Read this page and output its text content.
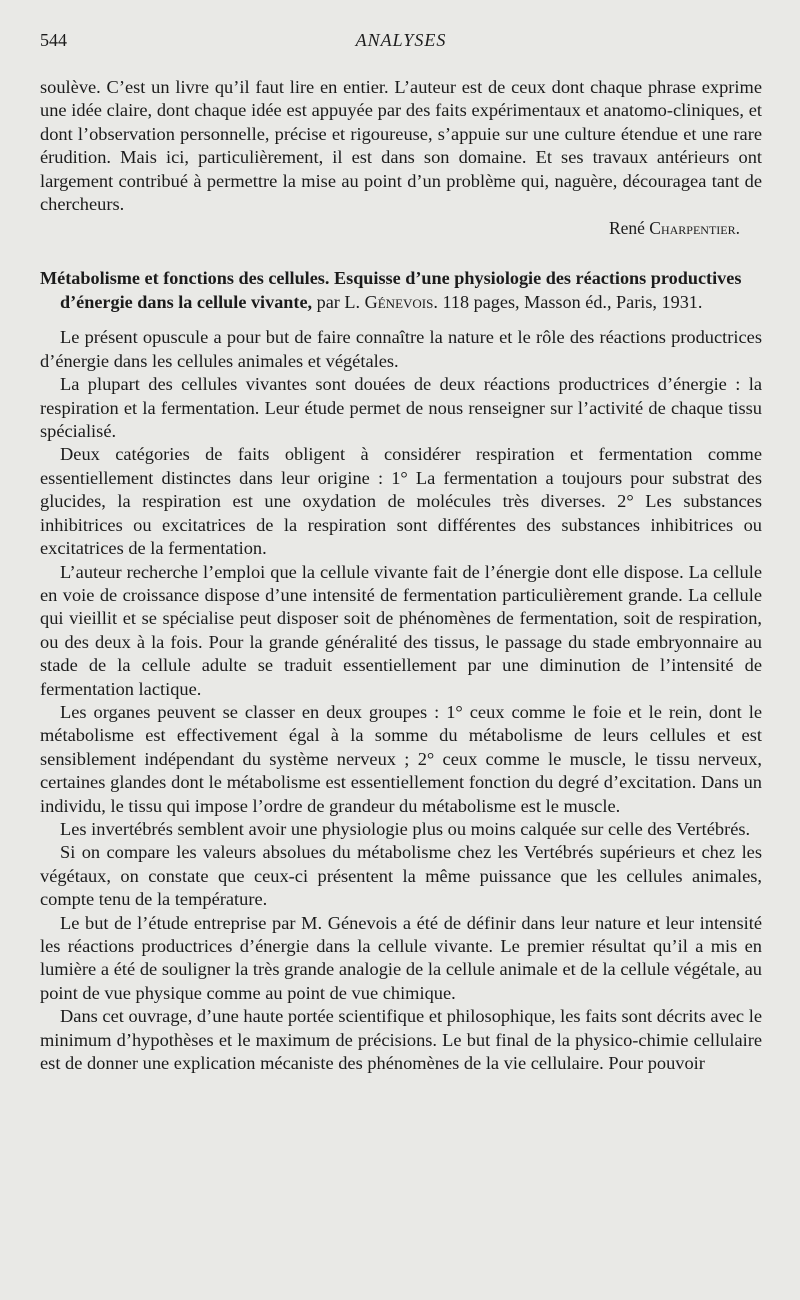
544	ANALYSES

soulève. C’est un livre qu’il faut lire en entier. L’auteur est de ceux dont chaque phrase exprime une idée claire, dont chaque idée est appuyée par des faits expérimentaux et anatomo-cliniques, et dont l’observation personnelle, précise et rigoureuse, s’appuie sur une culture étendue et une rare érudition. Mais ici, particulièrement, il est dans son domaine. Et ses travaux antérieurs ont largement contribué à permettre la mise au point d’un problème qui, naguère, découragea tant de chercheurs.

René Charpentier.

Métabolisme et fonctions des cellules. Esquisse d’une physiologie des réactions productives d’énergie dans la cellule vivante, par L. Génevois. 118 pages, Masson éd., Paris, 1931.

Le présent opuscule a pour but de faire connaître la nature et le rôle des réactions productrices d’énergie dans les cellules animales et végétales.

La plupart des cellules vivantes sont douées de deux réactions productrices d’énergie : la respiration et la fermentation. Leur étude permet de nous renseigner sur l’activité de chaque tissu spécialisé.

Deux catégories de faits obligent à considérer respiration et fermentation comme essentiellement distinctes dans leur origine : 1° La fermentation a toujours pour substrat des glucides, la respiration est une oxydation de molécules très diverses. 2° Les substances inhibitrices ou excitatrices de la respiration sont différentes des substances inhibitrices ou excitatrices de la fermentation.

L’auteur recherche l’emploi que la cellule vivante fait de l’énergie dont elle dispose. La cellule en voie de croissance dispose d’une intensité de fermentation particulièrement grande. La cellule qui vieillit et se spécialise peut disposer soit de phénomènes de fermentation, soit de respiration, ou des deux à la fois. Pour la grande généralité des tissus, le passage du stade embryonnaire au stade de la cellule adulte se traduit essentiellement par une diminution de l’intensité de fermentation lactique.

Les organes peuvent se classer en deux groupes : 1° ceux comme le foie et le rein, dont le métabolisme est effectivement égal à la somme du métabolisme de leurs cellules et est sensiblement indépendant du système nerveux ; 2° ceux comme le muscle, le tissu nerveux, certaines glandes dont le métabolisme est essentiellement fonction du degré d’excitation. Dans un individu, le tissu qui impose l’ordre de grandeur du métabolisme est le muscle.

Les invertébrés semblent avoir une physiologie plus ou moins calquée sur celle des Vertébrés.

Si on compare les valeurs absolues du métabolisme chez les Vertébrés supérieurs et chez les végétaux, on constate que ceux-ci présentent la même puissance que les cellules animales, compte tenu de la température.

Le but de l’étude entreprise par M. Génevois a été de définir dans leur nature et leur intensité les réactions productrices d’énergie dans la cellule vivante. Le premier résultat qu’il a mis en lumière a été de souligner la très grande analogie de la cellule animale et de la cellule végétale, au point de vue physique comme au point de vue chimique.

Dans cet ouvrage, d’une haute portée scientifique et philosophique, les faits sont décrits avec le minimum d’hypothèses et le maximum de précisions. Le but final de la physico-chimie cellulaire est de donner une explication mécaniste des phénomènes de la vie cellulaire. Pour pouvoir
